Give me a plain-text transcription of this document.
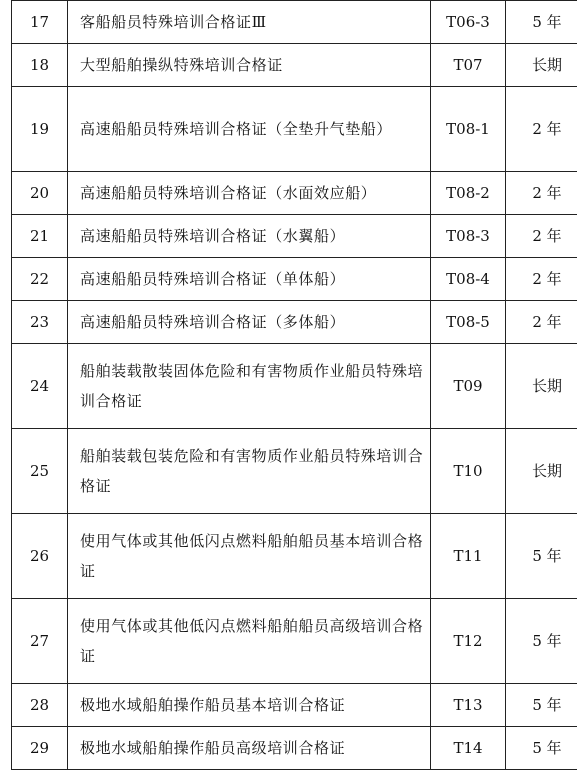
17	客船船员特殊培训合格证Ⅲ	T06-3	5 年
18	大型船舶操纵特殊培训合格证	T07	长期
19	高速船船员特殊培训合格证（全垫升气垫船）	T08-1	2 年
20	高速船船员特殊培训合格证（水面效应船）	T08-2	2 年
21	高速船船员特殊培训合格证（水翼船）	T08-3	2 年
22	高速船船员特殊培训合格证（单体船）	T08-4	2 年
23	高速船船员特殊培训合格证（多体船）	T08-5	2 年
24	船舶装载散装固体危险和有害物质作业船员特殊培训合格证	T09	长期
25	船舶装载包装危险和有害物质作业船员特殊培训合格证	T10	长期
26	使用气体或其他低闪点燃料船舶船员基本培训合格证	T11	5 年
27	使用气体或其他低闪点燃料船舶船员高级培训合格证	T12	5 年
28	极地水域船舶操作船员基本培训合格证	T13	5 年
29	极地水域船舶操作船员高级培训合格证	T14	5 年
